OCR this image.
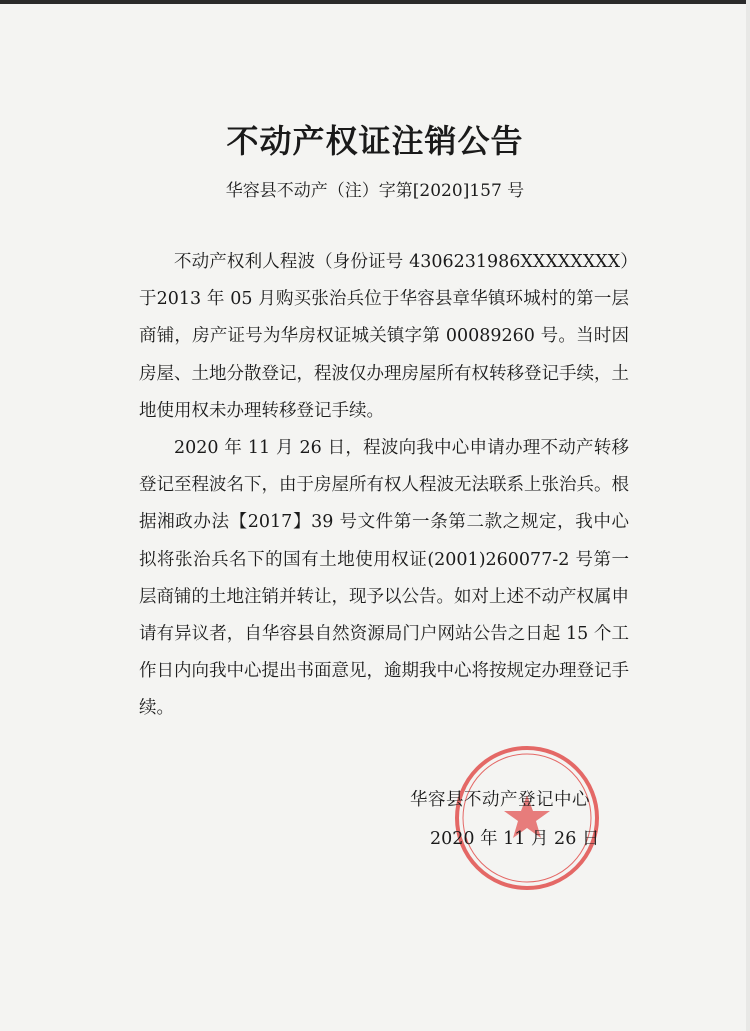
不动产权证注销公告
华容县不动产（注）字第[2020]157 号

不动产权利人程波（身份证号 4306231986XXXXXXXX）于2013 年 05 月购买张治兵位于华容县章华镇环城村的第一层商铺，房产证号为华房权证城关镇字第 00089260 号。当时因房屋、土地分散登记，程波仅办理房屋所有权转移登记手续，土地使用权未办理转移登记手续。

2020 年 11 月 26 日，程波向我中心申请办理不动产转移登记至程波名下，由于房屋所有权人程波无法联系上张治兵。根据湘政办法【2017】39 号文件第一条第二款之规定，我中心拟将张治兵名下的国有土地使用权证(2001)260077-2 号第一层商铺的土地注销并转让，现予以公告。如对上述不动产权属申请有异议者，自华容县自然资源局门户网站公告之日起 15 个工作日内向我中心提出书面意见，逾期我中心将按规定办理登记手续。

华容县不动产登记中心
2020 年 11 月 26 日
